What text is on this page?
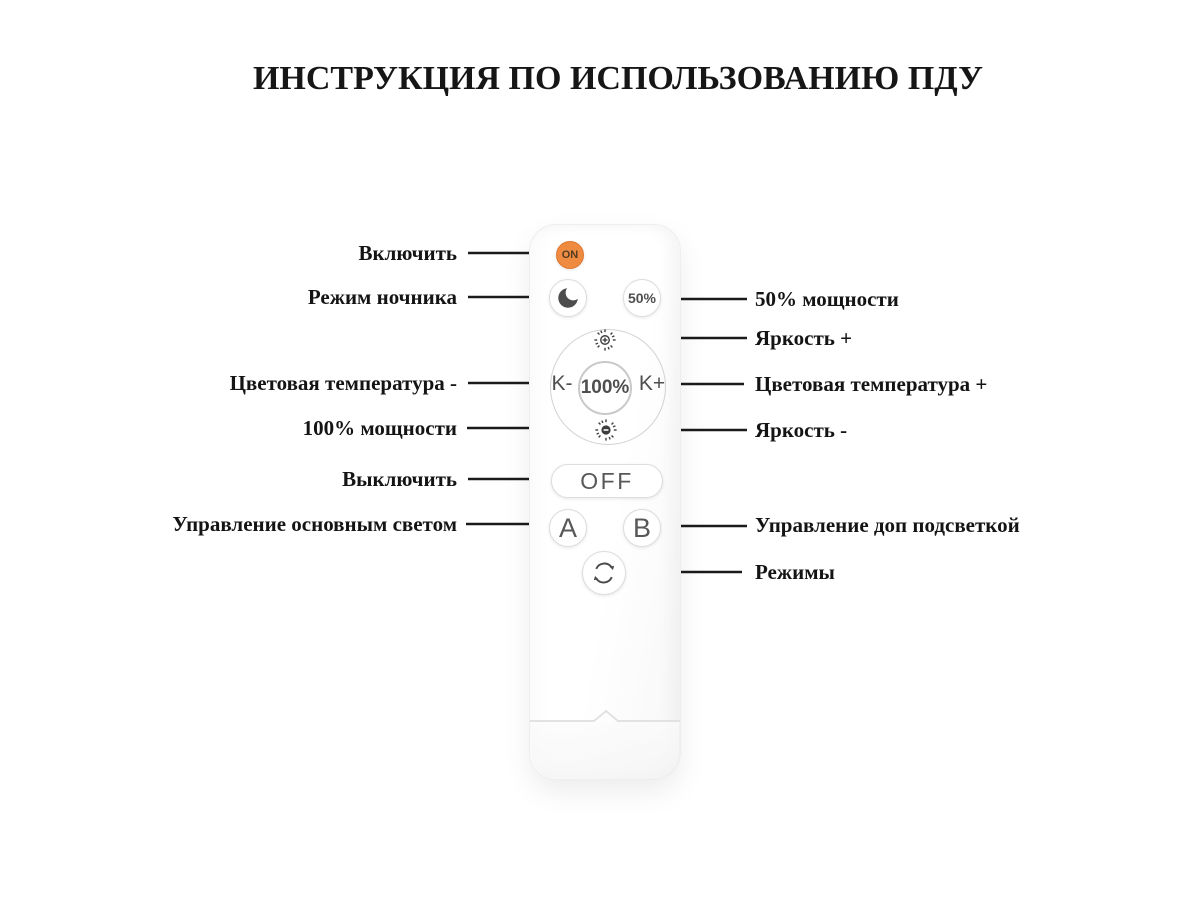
ИНСТРУКЦИЯ ПО ИСПОЛЬЗОВАНИЮ ПДУ
Включить
Режим ночника
Цветовая температура -
100% мощности
Выключить
Управление основным светом
50% мощности
Яркость +
Цветовая температура +
Яркость -
Управление доп подсветкой
Режимы
ON
50%
K- 100% K+
OFF
A	B
